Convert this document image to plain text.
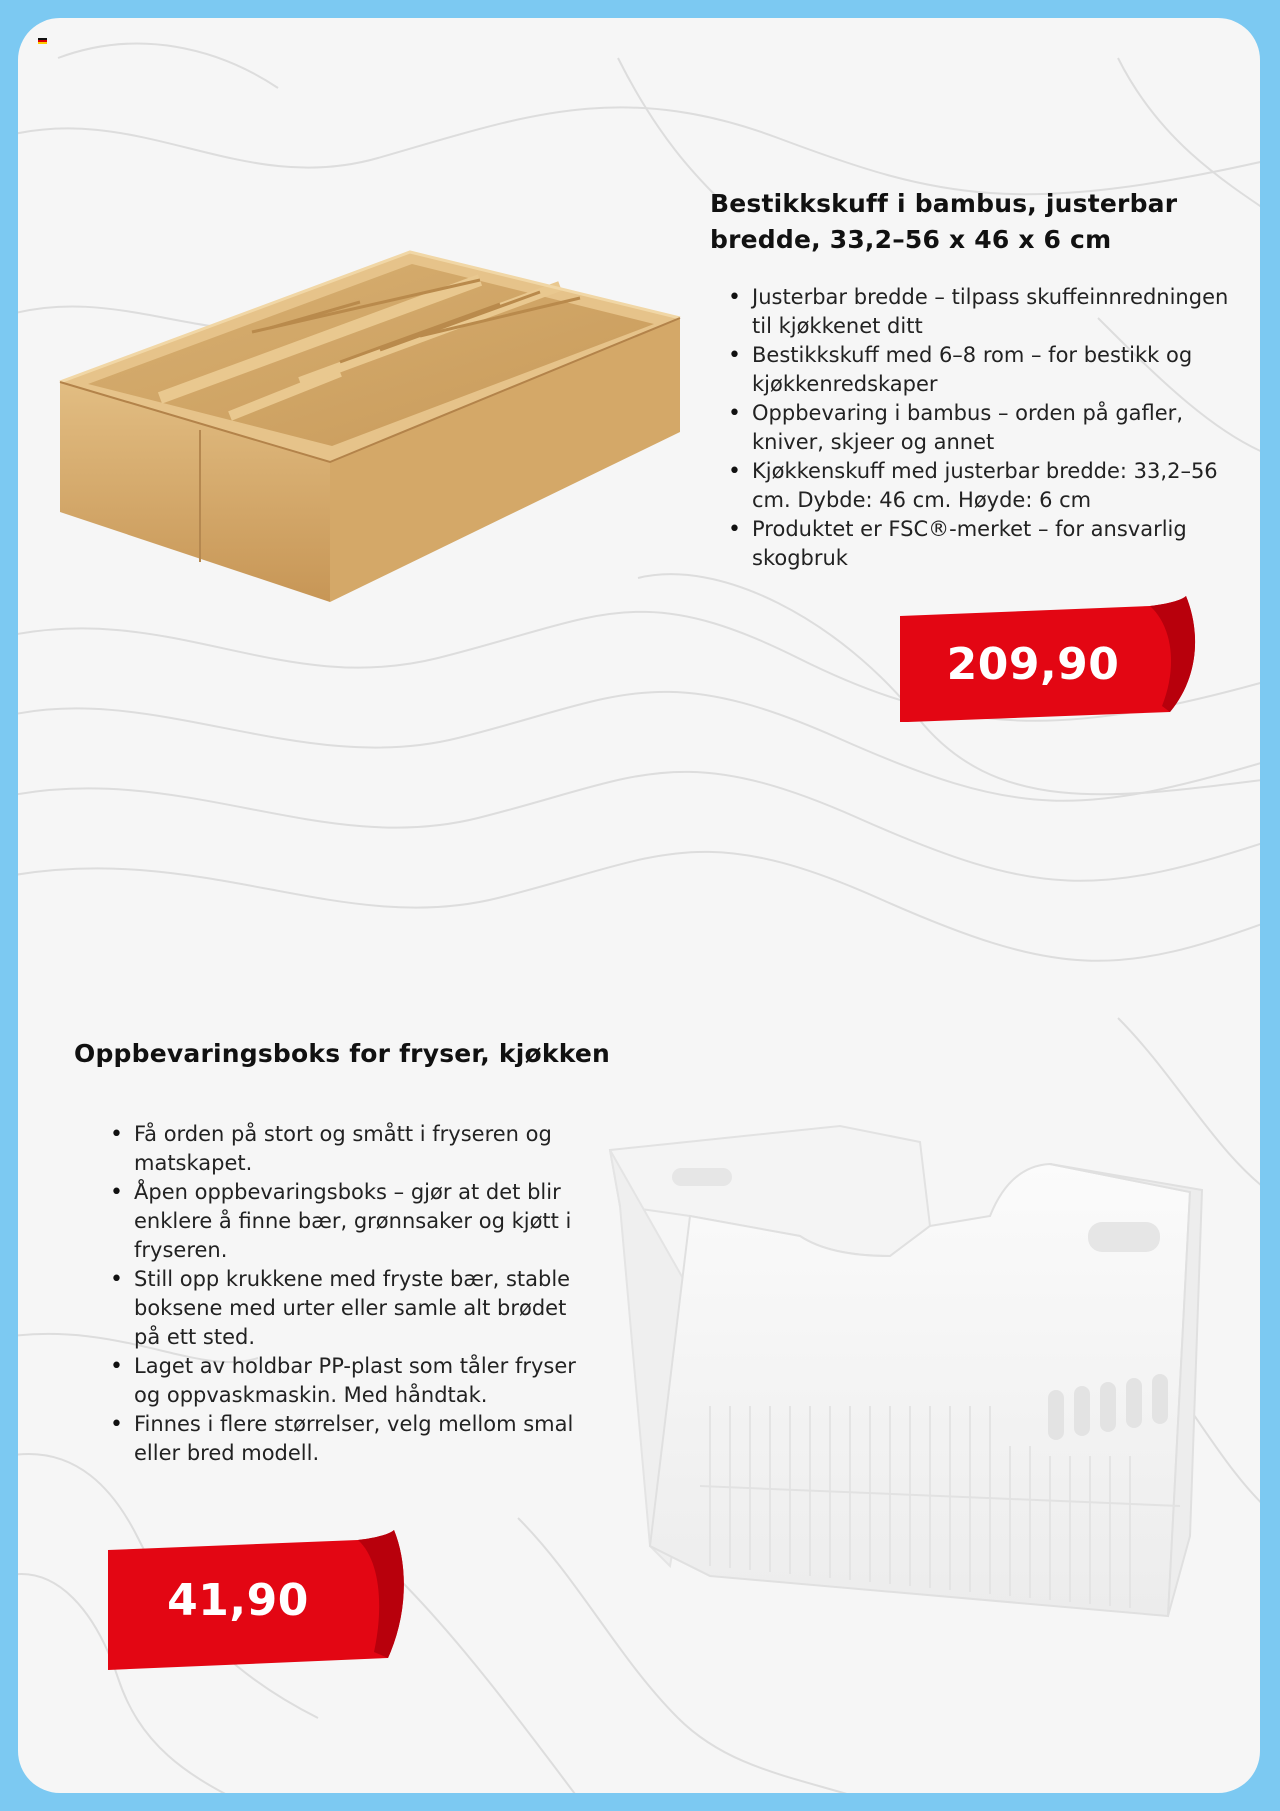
Bestikkskuff i bambus, justerbar
bredde, 33,2–56 x 46 x 6 cm
• Justerbar bredde – tilpass skuffeinnredningen til kjøkkenet ditt
• Bestikkskuff med 6–8 rom – for bestikk og kjøkkenredskaper
• Oppbevaring i bambus – orden på gafler, kniver, skjeer og annet
• Kjøkkenskuff med justerbar bredde: 33,2–56 cm. Dybde: 46 cm. Høyde: 6 cm
• Produktet er FSC®-merket – for ansvarlig skogbruk
209,90
Oppbevaringsboks for fryser, kjøkken
• Få orden på stort og smått i fryseren og matskapet.
• Åpen oppbevaringsboks – gjør at det blir enklere å finne bær, grønnsaker og kjøtt i fryseren.
• Still opp krukkene med fryste bær, stable boksene med urter eller samle alt brødet på ett sted.
• Laget av holdbar PP-plast som tåler fryser og oppvaskmaskin. Med håndtak.
• Finnes i flere størrelser, velg mellom smal eller bred modell.
41,90
